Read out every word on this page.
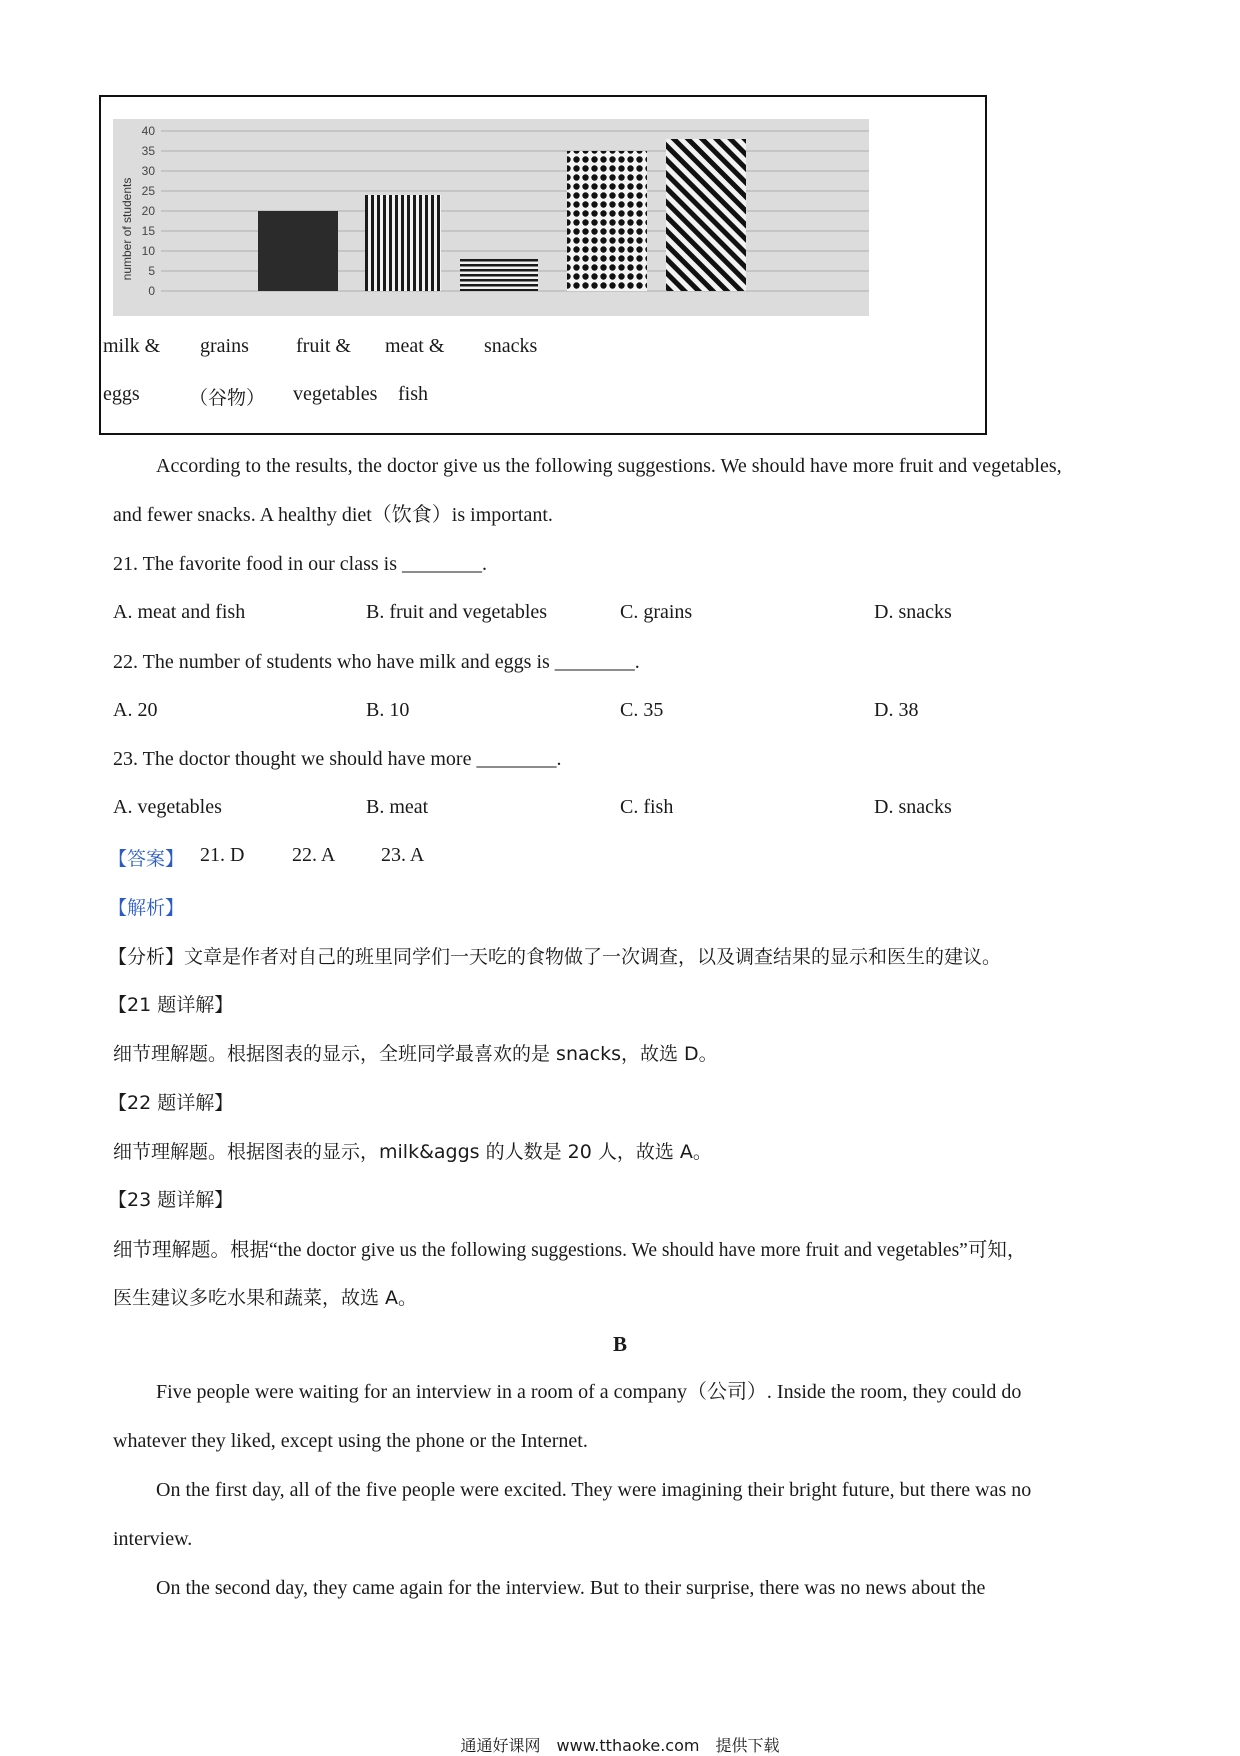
0
5
10
15
20
25
30
35
40
number of students
milk &
eggs
grains
（谷物）
fruit &
vegetables
meat &
fish
snacks
According to the results, the doctor give us the following suggestions. We should have more fruit and vegetables,
and fewer snacks. A healthy diet（饮食）is important.
21. The favorite food in our class is ________.
A. meat and fish	B. fruit and vegetables	C. grains	D. snacks
22. The number of students who have milk and eggs is ________.
A. 20	B. 10	C. 35	D. 38
23. The doctor thought we should have more ________.
A. vegetables	B. meat	C. fish	D. snacks
【答案】 21. D 22. A 23. A
【解析】
【分析】文章是作者对自己的班里同学们一天吃的食物做了一次调查，以及调查结果的显示和医生的建议。
【21 题详解】
细节理解题。根据图表的显示，全班同学最喜欢的是 snacks，故选 D。
【22 题详解】
细节理解题。根据图表的显示，milk&aggs 的人数是 20 人，故选 A。
【23 题详解】
细节理解题。根据“the doctor give us the following suggestions. We should have more fruit and vegetables”可知，
医生建议多吃水果和蔬菜，故选 A。
B
Five people were waiting for an interview in a room of a company（公司）. Inside the room, they could do
whatever they liked, except using the phone or the Internet.
On the first day, all of the five people were excited. They were imagining their bright future, but there was no
interview.
On the second day, they came again for the interview. But to their surprise, there was no news about the
通通好课网　www.tthaoke.com　提供下载
